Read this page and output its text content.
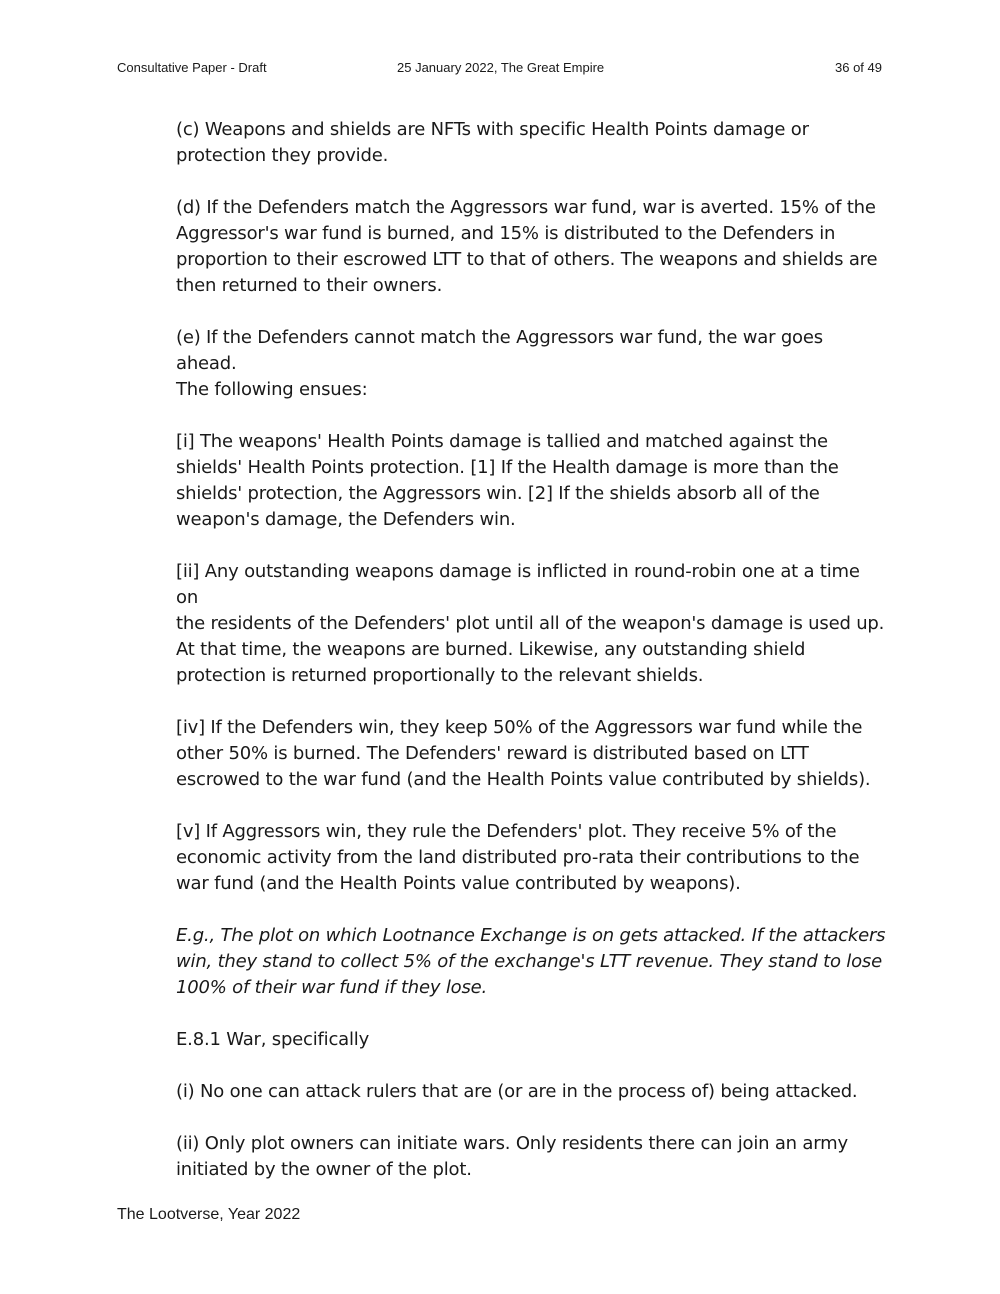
Consultative Paper - Draft	25 January 2022, The Great Empire	36 of 49

(c) Weapons and shields are NFTs with specific Health Points damage or
protection they provide.

(d) If the Defenders match the Aggressors war fund, war is averted. 15% of the
Aggressor's war fund is burned, and 15% is distributed to the Defenders in
proportion to their escrowed LTT to that of others. The weapons and shields are
then returned to their owners.

(e) If the Defenders cannot match the Aggressors war fund, the war goes ahead.
The following ensues:

[i] The weapons' Health Points damage is tallied and matched against the
shields' Health Points protection. [1] If the Health damage is more than the
shields' protection, the Aggressors win. [2] If the shields absorb all of the
weapon's damage, the Defenders win.

[ii] Any outstanding weapons damage is inflicted in round-robin one at a time on
the residents of the Defenders' plot until all of the weapon's damage is used up.
At that time, the weapons are burned. Likewise, any outstanding shield
protection is returned proportionally to the relevant shields.

[iv] If the Defenders win, they keep 50% of the Aggressors war fund while the
other 50% is burned. The Defenders' reward is distributed based on LTT
escrowed to the war fund (and the Health Points value contributed by shields).

[v] If Aggressors win, they rule the Defenders' plot. They receive 5% of the
economic activity from the land distributed pro-rata their contributions to the
war fund (and the Health Points value contributed by weapons).

E.g., The plot on which Lootnance Exchange is on gets attacked. If the attackers
win, they stand to collect 5% of the exchange's LTT revenue. They stand to lose
100% of their war fund if they lose.

E.8.1 War, specifically

(i) No one can attack rulers that are (or are in the process of) being attacked.

(ii) Only plot owners can initiate wars. Only residents there can join an army
initiated by the owner of the plot.

The Lootverse, Year 2022
